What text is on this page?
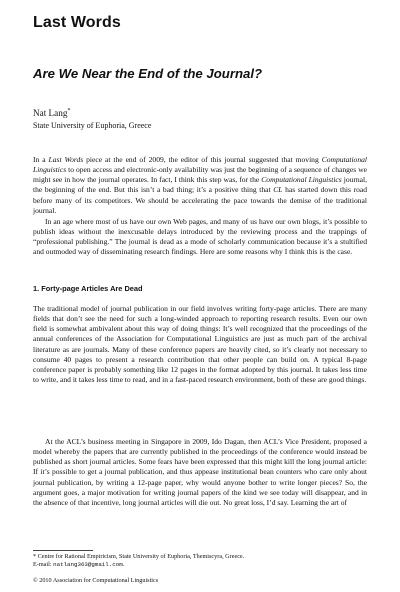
Last Words
Are We Near the End of the Journal?
Nat Lang*
State University of Euphoria, Greece
In a Last Words piece at the end of 2009, the editor of this journal suggested that moving Computational Linguistics to open access and electronic-only availability was just the beginning of a sequence of changes we might see in how the journal operates. In fact, I think this step was, for the Computational Linguistics journal, the beginning of the end. But this isn’t a bad thing; it’s a positive thing that CL has started down this road before many of its competitors. We should be accelerating the pace towards the demise of the traditional journal.
In an age where most of us have our own Web pages, and many of us have our own blogs, it’s possible to publish ideas without the inexcusable delays introduced by the reviewing process and the trappings of “professional publishing.” The journal is dead as a mode of scholarly communication because it’s a stultified and outmoded way of disseminating research findings. Here are some reasons why I think this is the case.
1. Forty-page Articles Are Dead
The traditional model of journal publication in our field involves writing forty-page articles. There are many fields that don’t see the need for such a long-winded approach to reporting research results. Even our own field is somewhat ambivalent about this way of doing things: It’s well recognized that the proceedings of the annual conferences of the Association for Computational Linguistics are just as much part of the archival literature as are journals. Many of these conference papers are heavily cited, so it’s clearly not necessary to consume 40 pages to present a research contribution that other people can build on. A typical 8-page conference paper is probably something like 12 pages in the format adopted by this journal. It takes less time to write, and it takes less time to read, and in a fast-paced research environment, both of these are good things.
At the ACL’s business meeting in Singapore in 2009, Ido Dagan, then ACL’s Vice President, proposed a model whereby the papers that are currently published in the proceedings of the conference would instead be published as short journal articles. Some fears have been expressed that this might kill the long journal article: If it’s possible to get a journal publication, and thus appease institutional bean counters who care only about journal publication, by writing a 12-page paper, why would anyone bother to write longer pieces? So, the argument goes, a major motivation for writing journal papers of the kind we see today will disappear, and in the absence of that incentive, long journal articles will die out. No great loss, I’d say. Learning the art of
* Centre for Rational Empiricism, State University of Euphoria, Themiscyra, Greece.
E-mail: natlang363@gmail.com.
© 2010 Association for Computational Linguistics
